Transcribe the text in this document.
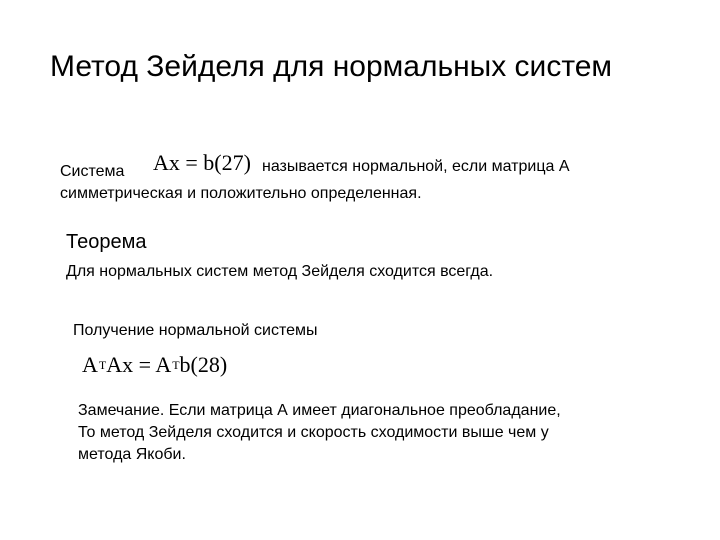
Метод Зейделя для нормальных систем
Система Ax = b(27) называется нормальной, если матрица А
симметрическая и положительно определенная.
Теорема
Для нормальных систем метод Зейделя сходится всегда.
Получение нормальной системы
$A^TAx = A^Tb(28)$
Замечание. Если матрица А имеет диагональное преобладание,
То метод Зейделя сходится и скорость сходимости выше чем у
метода Якоби.
